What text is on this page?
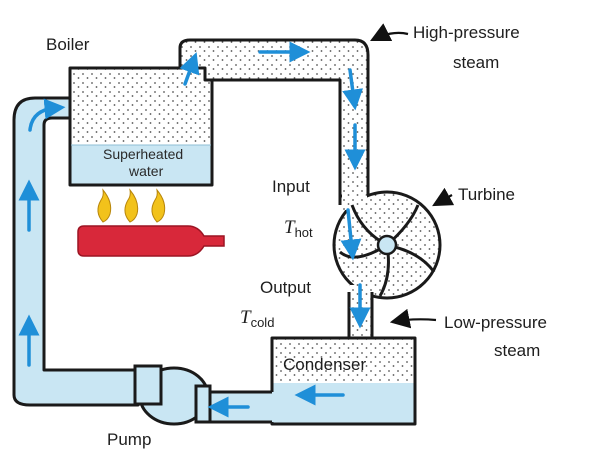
Boiler
High-pressure
steam
Superheated
water
Input
$T_{hot}$
Turbine
Output
$T_{cold}$	Low-pressure
steam
Condenser
Pump
